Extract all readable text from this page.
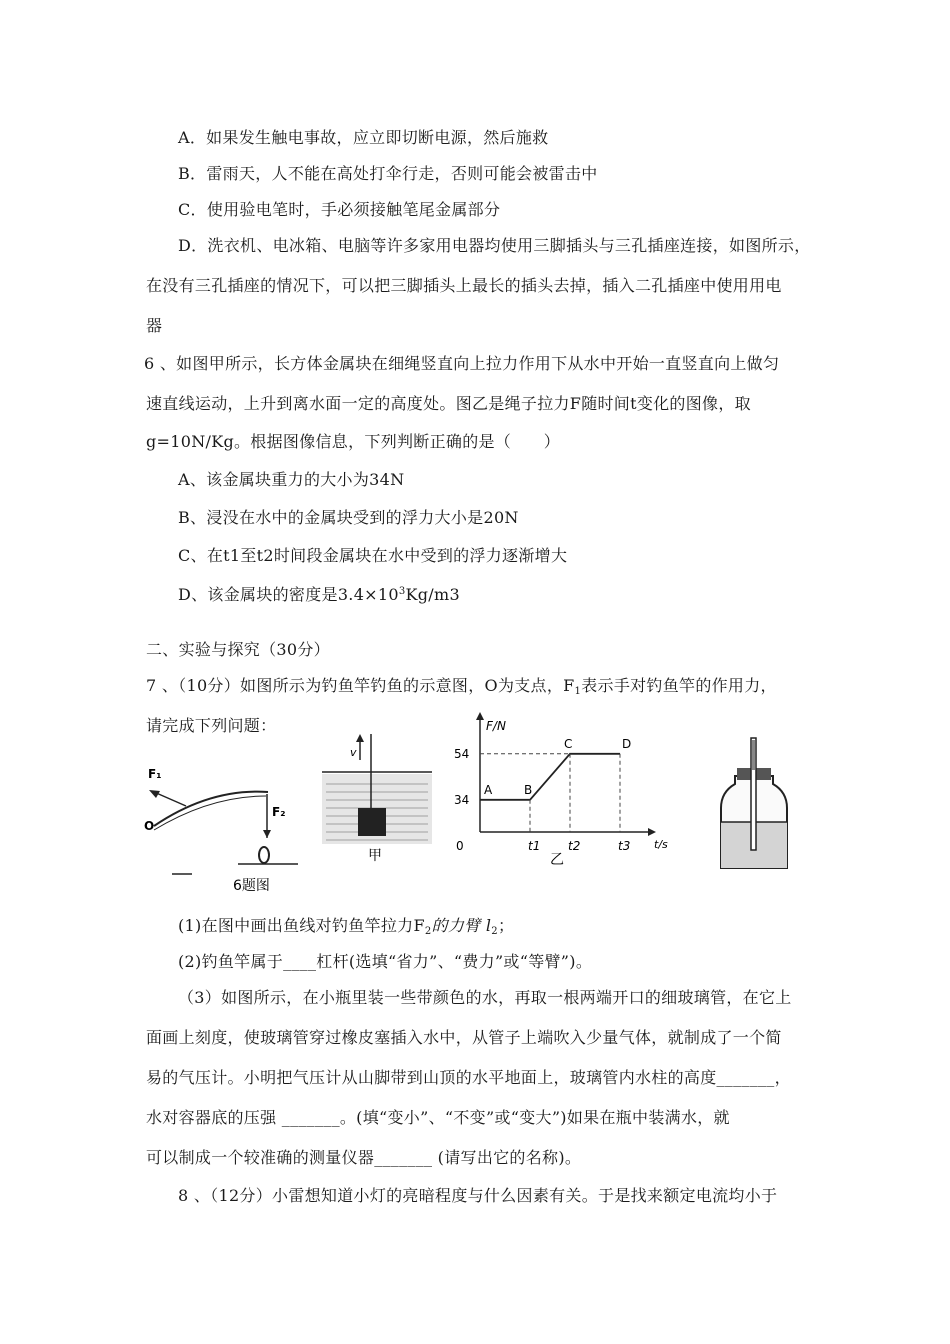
A．如果发生触电事故，应立即切断电源，然后施救
B．雷雨天，人不能在高处打伞行走，否则可能会被雷击中
C．使用验电笔时，手必须接触笔尾金属部分
D．洗衣机、电冰箱、电脑等许多家用电器均使用三脚插头与三孔插座连接，如图所示，
在没有三孔插座的情况下，可以把三脚插头上最长的插头去掉，插入二孔插座中使用用电
器
6 、如图甲所示，长方体金属块在细绳竖直向上拉力作用下从水中开始一直竖直向上做匀
速直线运动，上升到离水面一定的高度处。图乙是绳子拉力F随时间t变化的图像，取
g=10N/Kg。根据图像信息，下列判断正确的是（　　）
A、该金属块重力的大小为34N
B、浸没在水中的金属块受到的浮力大小是20N
C、在t1至t2时间段金属块在水中受到的浮力逐渐增大
D、该金属块的密度是$3.4\times 10^3Kg/m3$
二、实验与探究（30分）
7 、（10分）如图所示为钓鱼竿钓鱼的示意图，O为支点，$F_1$表示手对钓鱼竿的作用力，
请完成下列问题：
F₁
O
F₂
6题图
v
甲
F/N
t/s
34
54
0	t1 t2	t3
A	B
C	D
乙
(1)在图中画出鱼线对钓鱼竿拉力$F_2$的力臂 $l_2$；
(2)钓鱼竿属于____杠杆(选填“省力”、“费力”或“等臂”)。
（3）如图所示，在小瓶里装一些带颜色的水，再取一根两端开口的细玻璃管，在它上
面画上刻度，使玻璃管穿过橡皮塞插入水中，从管子上端吹入少量气体，就制成了一个简
易的气压计。小明把气压计从山脚带到山顶的水平地面上，玻璃管内水柱的高度_______，
水对容器底的压强 _______。(填“变小”、“不变”或“变大”)如果在瓶中装满水，就
可以制成一个较准确的测量仪器_______ (请写出它的名称)。
8 、（12分）小雷想知道小灯的亮暗程度与什么因素有关。于是找来额定电流均小于
